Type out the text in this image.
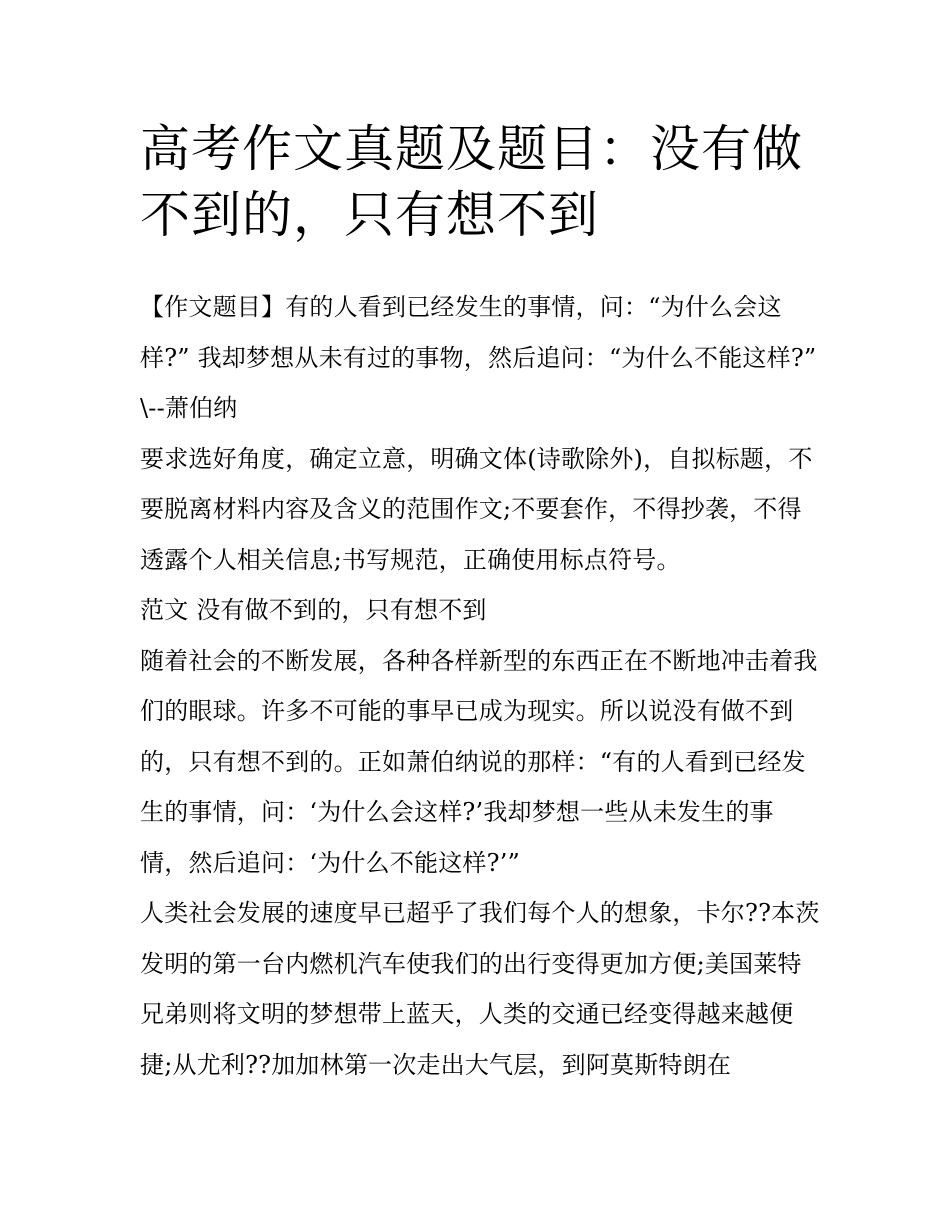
高考作文真题及题目：没有做不到的，只有想不到

【作文题目】有的人看到已经发生的事情，问：“为什么会这样?” 我却梦想从未有过的事物，然后追问：“为什么不能这样?” \--萧伯纳

要求选好角度，确定立意，明确文体(诗歌除外)，自拟标题，不要脱离材料内容及含义的范围作文;不要套作，不得抄袭，不得透露个人相关信息;书写规范，正确使用标点符号。

范文 没有做不到的，只有想不到

随着社会的不断发展，各种各样新型的东西正在不断地冲击着我们的眼球。许多不可能的事早已成为现实。所以说没有做不到的，只有想不到的。正如萧伯纳说的那样：“有的人看到已经发生的事情，问：‘为什么会这样?’我却梦想一些从未发生的事情，然后追问：‘为什么不能这样?’”

人类社会发展的速度早已超乎了我们每个人的想象，卡尔??本茨发明的第一台内燃机汽车使我们的出行变得更加方便;美国莱特兄弟则将文明的梦想带上蓝天，人类的交通已经变得越来越便捷;从尤利??加加林第一次走出大气层，到阿莫斯特朗在
